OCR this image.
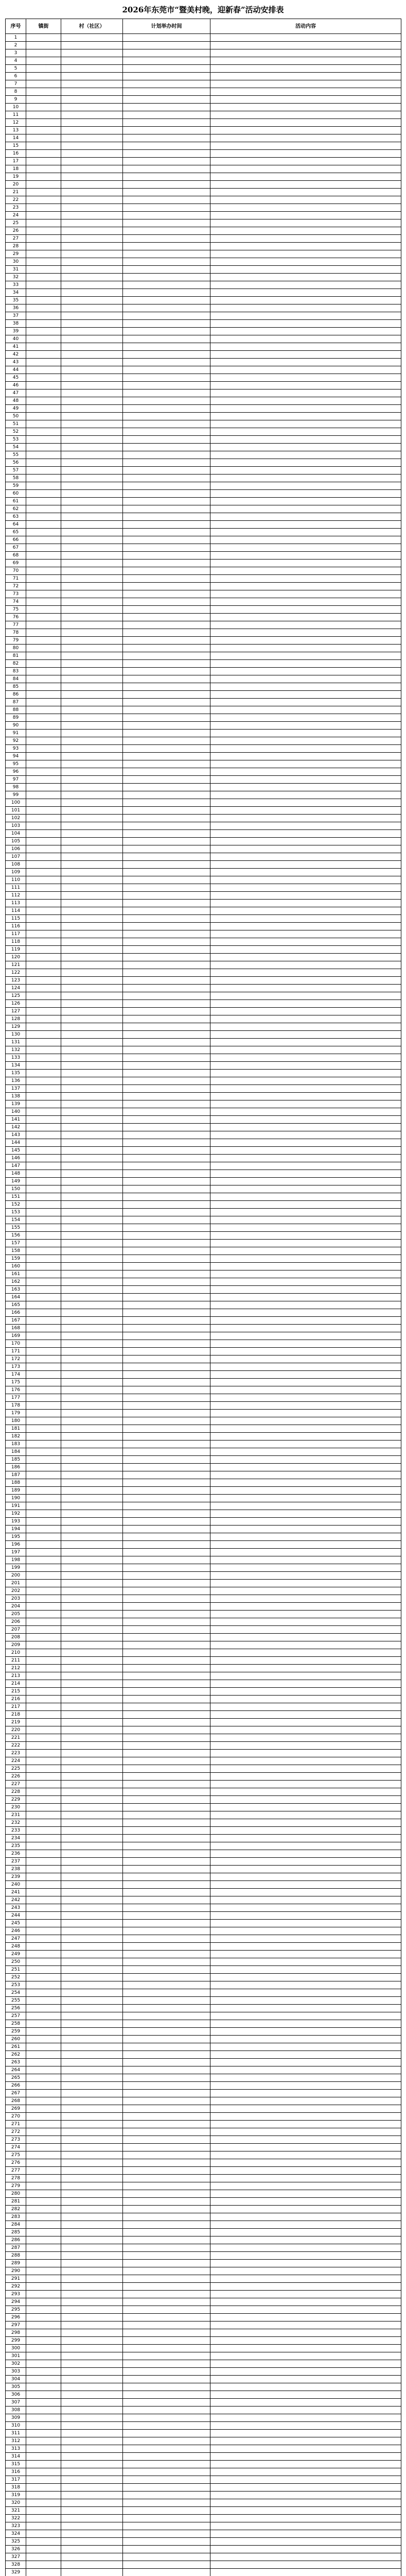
2026年东莞市“暨美村晚，迎新春”活动安排表
序号	镇街	村（社区）	计划举办时间	活动内容
1				
2				
3				
4				
5				
6				
7				
8				
9				
10				
11				
12				
13				
14				
15				
16				
17				
18				
19				
20				
21				
22				
23				
24				
25				
26				
27				
28				
29				
30				
31				
32				
33				
34				
35				
36				
37				
38				
39				
40				
41				
42				
43				
44				
45				
46				
47				
48				
49				
50				
51				
52				
53				
54				
55				
56				
57				
58				
59				
60				
61				
62				
63				
64				
65				
66				
67				
68				
69				
70				
71				
72				
73				
74				
75				
76				
77				
78				
79				
80				
81				
82				
83				
84				
85				
86				
87				
88				
89				
90				
91				
92				
93				
94				
95				
96				
97				
98				
99				
100				
101				
102				
103				
104				
105				
106				
107				
108				
109				
110				
111				
112				
113				
114				
115				
116				
117				
118				
119				
120				
121				
122				
123				
124				
125				
126				
127				
128				
129				
130				
131				
132				
133				
134				
135				
136				
137				
138				
139				
140				
141				
142				
143				
144				
145				
146				
147				
148				
149				
150				
151				
152				
153				
154				
155				
156				
157				
158				
159				
160				
161				
162				
163				
164				
165				
166				
167				
168				
169				
170				
171				
172				
173				
174				
175				
176				
177				
178				
179				
180				
181				
182				
183				
184				
185				
186				
187				
188				
189				
190				
191				
192				
193				
194				
195				
196				
197				
198				
199				
200				
201				
202				
203				
204				
205				
206				
207				
208				
209				
210				
211				
212				
213				
214				
215				
216				
217				
218				
219				
220				
221				
222				
223				
224				
225				
226				
227				
228				
229				
230				
231				
232				
233				
234				
235				
236				
237				
238				
239				
240				
241				
242				
243				
244				
245				
246				
247				
248				
249				
250				
251				
252				
253				
254				
255				
256				
257				
258				
259				
260				
261				
262				
263				
264				
265				
266				
267				
268				
269				
270				
271				
272				
273				
274				
275				
276				
277				
278				
279				
280				
281				
282				
283				
284				
285				
286				
287				
288				
289				
290				
291				
292				
293				
294				
295				
296				
297				
298				
299				
300				
301				
302				
303				
304				
305				
306				
307				
308				
309				
310				
311				
312				
313				
314				
315				
316				
317				
318				
319				
320				
321				
322				
323				
324				
325				
326				
327				
328				
329				
